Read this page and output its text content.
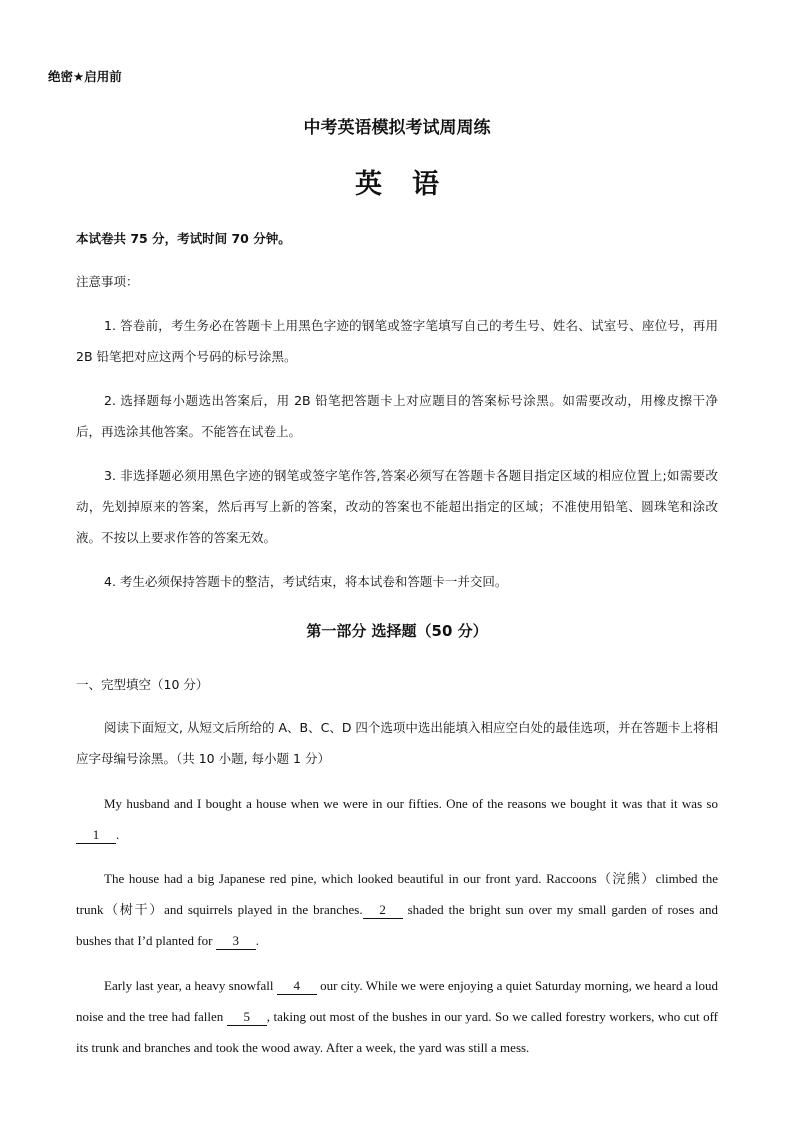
绝密★启用前
中考英语模拟考试周周练
英语
本试卷共 75 分，考试时间 70 分钟。
注意事项：
1. 答卷前，考生务必在答题卡上用黑色字迹的钢笔或签字笔填写自己的考生号、姓名、试室号、座位号，再用 2B 铅笔把对应这两个号码的标号涂黑。
2. 选择题每小题选出答案后，用 2B 铅笔把答题卡上对应题目的答案标号涂黑。如需要改动，用橡皮擦干净后，再选涂其他答案。不能答在试卷上。
3. 非选择题必须用黑色字迹的钢笔或签字笔作答,答案必须写在答题卡各题目指定区域的相应位置上;如需要改动，先划掉原来的答案，然后再写上新的答案，改动的答案也不能超出指定的区域；不准使用铅笔、圆珠笔和涂改液。不按以上要求作答的答案无效。
4. 考生必须保持答题卡的整洁，考试结束，将本试卷和答题卡一并交回。
第一部分 选择题（50 分）
一、完型填空（10 分）
阅读下面短文, 从短文后所给的 A、B、C、D 四个选项中选出能填入相应空白处的最佳选项，并在答题卡上将相应字母编号涂黑。（共 10 小题, 每小题 1 分）
My husband and I bought a house when we were in our fifties. One of the reasons we bought it was that it was so 1 .
The house had a big Japanese red pine, which looked beautiful in our front yard. Raccoons（浣熊）climbed the trunk（树干）and squirrels played in the branches. 2 shaded the bright sun over my small garden of roses and bushes that I’d planted for 3 .
Early last year, a heavy snowfall 4 our city. While we were enjoying a quiet Saturday morning, we heard a loud noise and the tree had fallen 5 , taking out most of the bushes in our yard. So we called forestry workers, who cut off its trunk and branches and took the wood away. After a week, the yard was still a mess.
